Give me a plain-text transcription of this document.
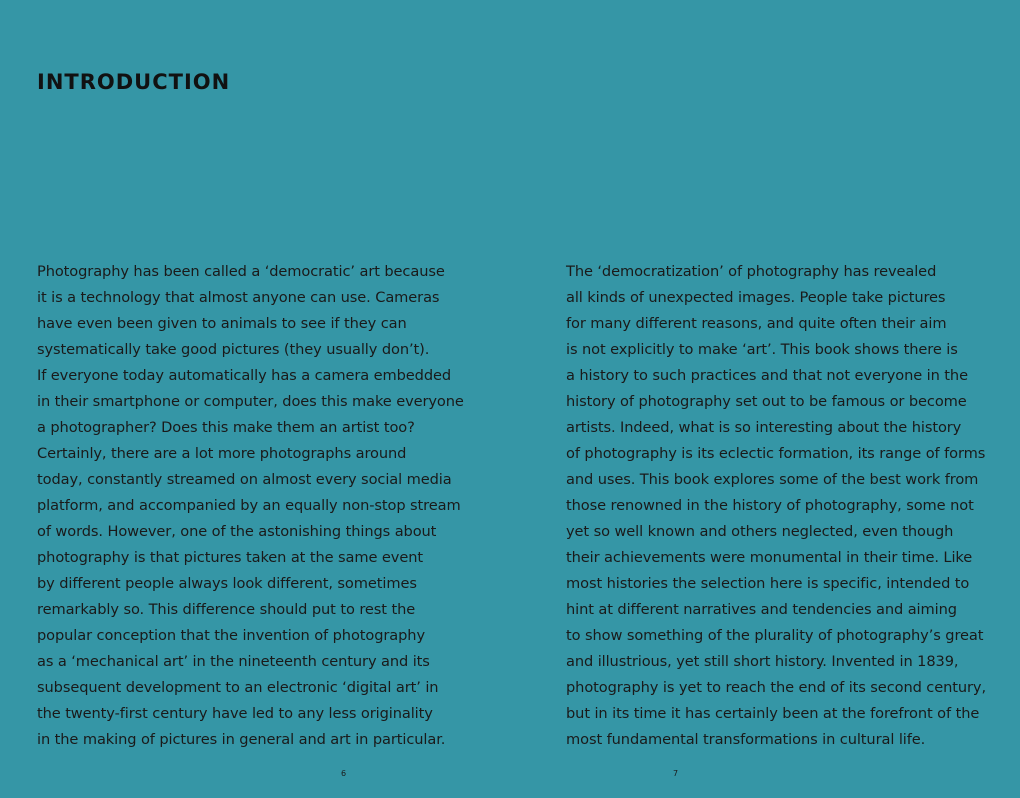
INTRODUCTION
Photography has been called a ‘democratic’ art because
it is a technology that almost anyone can use. Cameras
have even been given to animals to see if they can
systematically take good pictures (they usually don’t).
If everyone today automatically has a camera embedded
in their smartphone or computer, does this make everyone
a photographer? Does this make them an artist too?
Certainly, there are a lot more photographs around
today, constantly streamed on almost every social media
platform, and accompanied by an equally non-stop stream
of words. However, one of the astonishing things about
photography is that pictures taken at the same event
by different people always look different, sometimes
remarkably so. This difference should put to rest the
popular conception that the invention of photography
as a ‘mechanical art’ in the nineteenth century and its
subsequent development to an electronic ‘digital art’ in
the twenty-first century have led to any less originality
in the making of pictures in general and art in particular.
The ‘democratization’ of photography has revealed
all kinds of unexpected images. People take pictures
for many different reasons, and quite often their aim
is not explicitly to make ‘art’. This book shows there is
a history to such practices and that not everyone in the
history of photography set out to be famous or become
artists. Indeed, what is so interesting about the history
of photography is its eclectic formation, its range of forms
and uses. This book explores some of the best work from
those renowned in the history of photography, some not
yet so well known and others neglected, even though
their achievements were monumental in their time. Like
most histories the selection here is specific, intended to
hint at different narratives and tendencies and aiming
to show something of the plurality of photography’s great
and illustrious, yet still short history. Invented in 1839,
photography is yet to reach the end of its second century,
but in its time it has certainly been at the forefront of the
most fundamental transformations in cultural life.
6	7
